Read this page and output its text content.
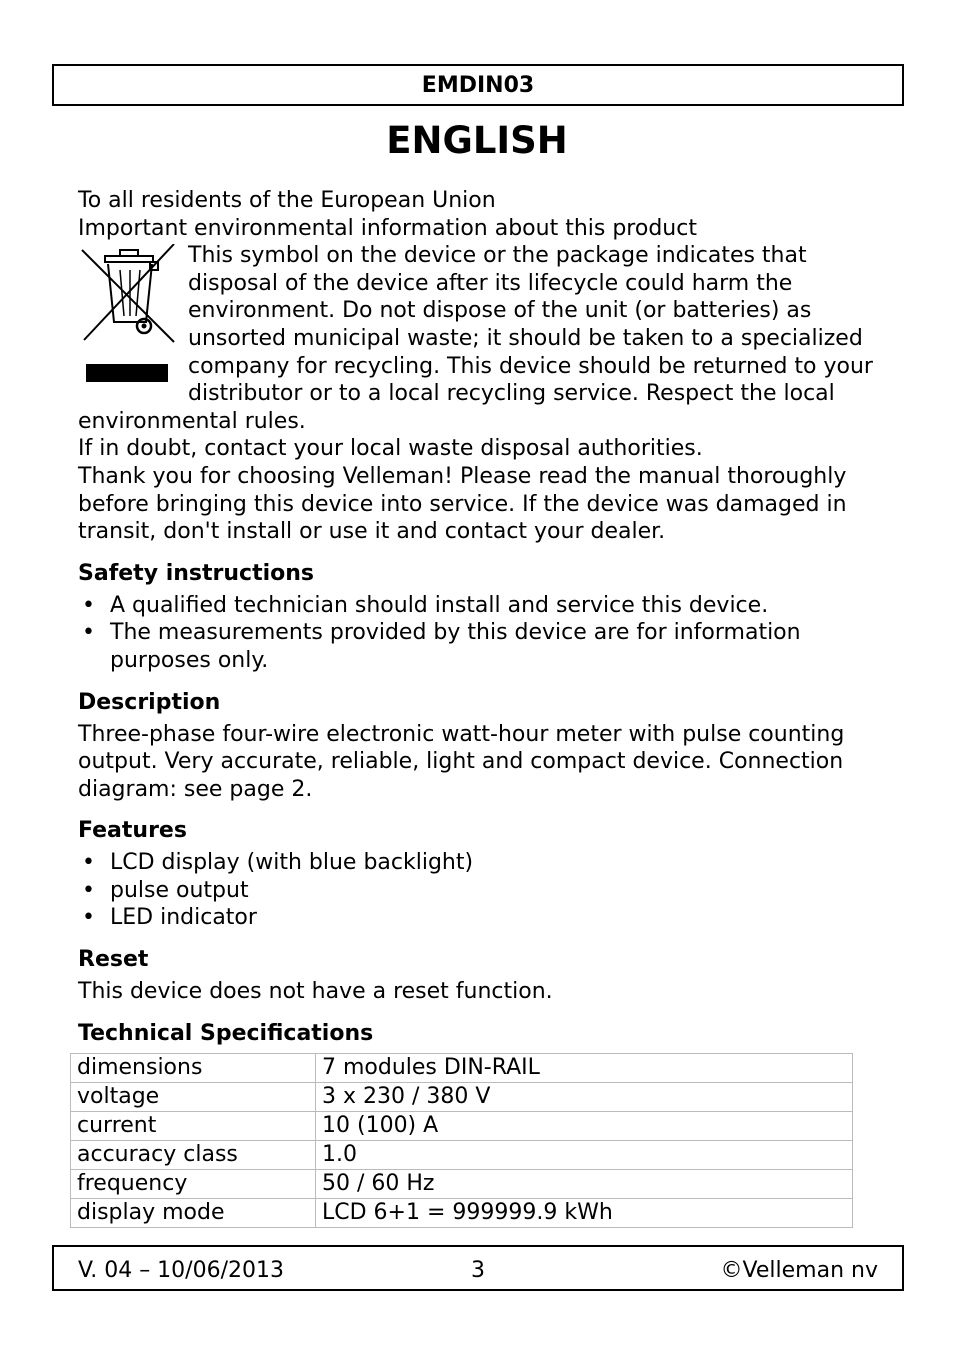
EMDIN03
ENGLISH

To all residents of the European Union

Important environmental information about this product

This symbol on the device or the package indicates that disposal of the device after its lifecycle could harm the environment. Do not dispose of the unit (or batteries) as unsorted municipal waste; it should be taken to a specialized company for recycling. This device should be returned to your distributor or to a local recycling service. Respect the local environmental rules.

If in doubt, contact your local waste disposal authorities.

Thank you for choosing Velleman! Please read the manual thoroughly before bringing this device into service. If the device was damaged in transit, don't install or use it and contact your dealer.

Safety instructions
• A qualified technician should install and service this device.
• The measurements provided by this device are for information purposes only.
Description

Three-phase four-wire electronic watt-hour meter with pulse counting output. Very accurate, reliable, light and compact device. Connection diagram: see page 2.

Features
• LCD display (with blue backlight)
• pulse output
• LED indicator
Reset

This device does not have a reset function.

Technical Specifications
dimensions	7 modules DIN-RAIL
voltage	3 x 230 / 380 V
current	10 (100) A
accuracy class	1.0
frequency	50 / 60 Hz
display mode	LCD 6+1 = 999999.9 kWh
3
V. 04 – 10/06/2013	©Velleman nv
